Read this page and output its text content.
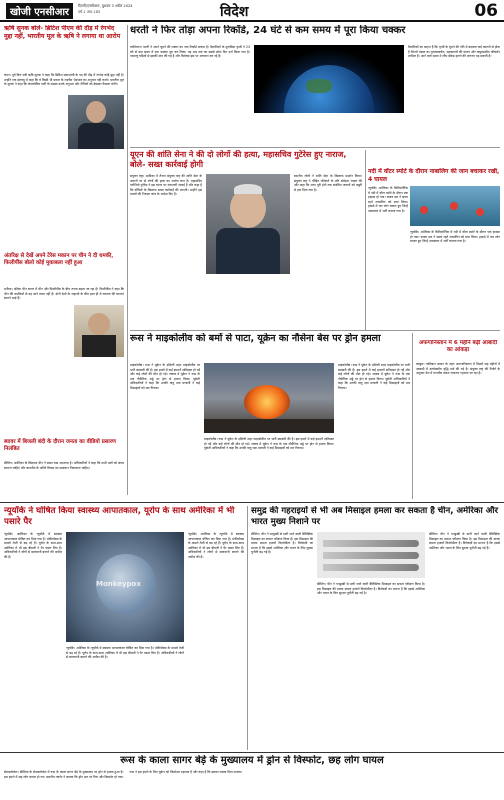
खोजी एनसीआर
दिल्ली/एनसीआर, बुधवार 3 अप्रैल 2024
वर्ष-1 अंक-185	विदेश	06
ऋषि सुनक बोले- ब्रिटिश पीएम की दौड़ में रंगभेद मुद्दा नहीं, भारतीय मूल के ऋषि ने लगाया था आरोप
लंदन। पूर्व वित्त मंत्री ऋषि सुनक ने कहा कि ब्रिटिश प्रधानमंत्री के पद की दौड़ में रंगभेद कोई मुद्दा नहीं है। उन्होंने एक इंटरव्यू में कहा कि वे किसी भी प्रकार के नस्लीय भेदभाव का अनुभव नहीं करते। भारतीय मूल के सुनक ने कहा कि कंजरवेटिव पार्टी के सदस्य उनके अनुभव और नीतियों को देखकर फैसला करेंगे।
अंतरिक्ष से देखें अपने टेरेस मकान पर चीन ने दी धमकी, फिलीपींस बोलो कोई मुकाबला नहीं हुआ
मनीला। दक्षिण चीन सागर में चीन और फिलीपींस के बीच तनाव बढ़ता जा रहा है। फिलीपींस ने कहा कि चीन की धमकियों से वह डरने वाला नहीं है। दोनों देशों के जहाजों के बीच हाल ही में टकराव की घटनाएं सामने आई हैं।
ब्यावर में बिजली बंदी के दौरान जनता का वीडियो प्रसारण निलंबित
बीजिंग। अमेरिका के खिलाफ चीन ने सख्त रुख अपनाया है। अधिकारियों ने कहा कि सभी पक्षों को संयम बरतना चाहिए और बातचीत के जरिये विवाद का समाधान निकालना चाहिए।
धरती ने फिर तोड़ा अपना रिकॉर्ड, 24 घंटे से कम समय में पूरा किया चक्कर
वाशिंगटन। धरती ने अपने घूमने की रफ्तार का नया रिकॉर्ड बनाया है। वैज्ञानिकों के मुताबिक पृथ्वी ने 24 घंटे से कम समय में एक चक्कर पूरा कर लिया। यह अब तक का सबसे छोटा दिन दर्ज किया गया है। परमाणु घड़ियों से इसकी माप की गई है और विशेषज्ञ इस पर अध्ययन कर रहे हैं।
वैज्ञानिकों का कहना है कि पृथ्वी के घूमने की गति में बदलाव कई कारणों से होता है जिनमें चंद्रमा का गुरुत्वाकर्षण, महासागरों की धाराएं और वायुमंडलीय परिवर्तन शामिल हैं। आने वाले समय में लीप सेकंड हटाने की जरूरत पड़ सकती है।
यूएन की शांति सेना ने की दो लोगों की हत्या, महासचिव गुटेरेस हुए नाराज, बोले- सख्त कार्रवाई होगी
संयुक्त राष्ट्र। अफ्रीका में तैनात संयुक्त राष्ट्र की शांति सेना के जवानों पर दो लोगों की हत्या का आरोप लगा है। महासचिव एंटोनियो गुटेरेस ने इस घटना पर नाराजगी जताई है और कहा है कि दोषियों के खिलाफ सख्त कार्रवाई की जाएगी। उन्होंने इस मामले की निष्पक्ष जांच के आदेश दिए हैं।
स्थानीय लोगों ने शांति सेना के खिलाफ प्रदर्शन किया। संयुक्त राष्ट्र ने पीड़ित परिवारों के प्रति संवेदना व्यक्त की और कहा कि जांच पूरी होने तक संबंधित जवानों को ड्यूटी से हटा दिया गया है।
नदी में वॉटर स्पोर्ट के दौरान नाबालिग की जान बचाकर रखी, 4 घायल
न्यूयॉर्क। अमेरिका के कैलिफोर्निया में नदी में वॉटर स्पोर्ट के दौरान एक हादसा हो गया। बचाव दल ने समय रहते नाबालिग को बचा लिया। हादसे में चार लोग घायल हुए जिन्हें अस्पताल में भर्ती कराया गया है।
न्यूयॉर्क। अमेरिका के कैलिफोर्निया में नदी में वॉटर स्पोर्ट के दौरान एक हादसा हो गया। बचाव दल ने समय रहते नाबालिग को बचा लिया। हादसे में चार लोग घायल हुए जिन्हें अस्पताल में भर्ती कराया गया है।
रूस ने माइकोलीव को बमों से पाटा, यूक्रेन का नौसेना बेस पर ड्रोन हमला
माइकोलीव। रूस ने यूक्रेन के दक्षिणी शहर माइकोलीव पर भारी बमबारी की है। इस हमले में कई इमारतें क्षतिग्रस्त हो गईं और कई लोगों की मौत हो गई। जवाब में यूक्रेन ने रूस के एक नौसैनिक अड्डे पर ड्रोन से हमला किया। यूक्रेनी अधिकारियों ने कहा कि उनकी वायु रक्षा प्रणाली ने कई मिसाइलों को मार गिराया।
माइकोलीव। रूस ने यूक्रेन के दक्षिणी शहर माइकोलीव पर भारी बमबारी की है। इस हमले में कई इमारतें क्षतिग्रस्त हो गईं और कई लोगों की मौत हो गई। जवाब में यूक्रेन ने रूस के एक नौसैनिक अड्डे पर ड्रोन से हमला किया। यूक्रेनी अधिकारियों ने कहा कि उनकी वायु रक्षा प्रणाली ने कई मिसाइलों को मार गिराया।
माइकोलीव। रूस ने यूक्रेन के दक्षिणी शहर माइकोलीव पर भारी बमबारी की है। इस हमले में कई इमारतें क्षतिग्रस्त हो गईं और कई लोगों की मौत हो गई। जवाब में यूक्रेन ने रूस के एक नौसैनिक अड्डे पर ड्रोन से हमला किया। यूक्रेनी अधिकारियों ने कहा कि उनकी वायु रक्षा प्रणाली ने कई मिसाइलों को मार गिराया।
अफगानिस्तान में 6 महीने बढ़ी आबादी का आंकड़ा
काबुल। तालिबान शासन के तहत अफगानिस्तान में पिछले छह महीनों में आबादी में उल्लेखनीय वृद्धि दर्ज की गई है। संयुक्त राष्ट्र की रिपोर्ट के अनुसार देश में मानवीय संकट लगातार गहराता जा रहा है।
न्यूयॉर्क ने घोषित किया स्वास्थ्य आपातकाल, यूरोप के साथ अमेरिका में भी पसारे पैर
न्यूयॉर्क। अमेरिका के न्यूयॉर्क में स्वास्थ्य आपातकाल घोषित कर दिया गया है। मंकीपॉक्स के मामले तेजी से बढ़ रहे हैं। यूरोप के साथ-साथ अमेरिका में भी इस बीमारी ने पैर पसार लिए हैं। अधिकारियों ने लोगों से सावधानी बरतने की अपील की है।
Monkeypox
न्यूयॉर्क। अमेरिका के न्यूयॉर्क में स्वास्थ्य आपातकाल घोषित कर दिया गया है। मंकीपॉक्स के मामले तेजी से बढ़ रहे हैं। यूरोप के साथ-साथ अमेरिका में भी इस बीमारी ने पैर पसार लिए हैं। अधिकारियों ने लोगों से सावधानी बरतने की अपील की है।
न्यूयॉर्क। अमेरिका के न्यूयॉर्क में स्वास्थ्य आपातकाल घोषित कर दिया गया है। मंकीपॉक्स के मामले तेजी से बढ़ रहे हैं। यूरोप के साथ-साथ अमेरिका में भी इस बीमारी ने पैर पसार लिए हैं। अधिकारियों ने लोगों से सावधानी बरतने की अपील की है।
समुद्र की गहराइयों से भी अब मिसाइल हमला कर सकता है चीन, अमेरिका और भारत मुख्य निशाने पर
बीजिंग। चीन ने पनडुब्बी से दागी जाने वाली बैलिस्टिक मिसाइल का सफल परीक्षण किया है। इस मिसाइल की मारक क्षमता हजारों किलोमीटर है। विशेषज्ञों का मानना है कि इससे अमेरिका और भारत के लिए सुरक्षा चुनौती बढ़ गई है।
बीजिंग। चीन ने पनडुब्बी से दागी जाने वाली बैलिस्टिक मिसाइल का सफल परीक्षण किया है। इस मिसाइल की मारक क्षमता हजारों किलोमीटर है। विशेषज्ञों का मानना है कि इससे अमेरिका और भारत के लिए सुरक्षा चुनौती बढ़ गई है।
बीजिंग। चीन ने पनडुब्बी से दागी जाने वाली बैलिस्टिक मिसाइल का सफल परीक्षण किया है। इस मिसाइल की मारक क्षमता हजारों किलोमीटर है। विशेषज्ञों का मानना है कि इससे अमेरिका और भारत के लिए सुरक्षा चुनौती बढ़ गई है।
रूस के काला सागर बेड़े के मुख्यालय में ड्रोन से विस्फोट, छह लोग घायल
सेवास्तोपोल। क्रीमिया के सेवास्तोपोल में रूस के काला सागर बेड़े के मुख्यालय पर ड्रोन से हमला हुआ है। इस हमले में छह लोग घायल हो गए। स्थानीय गवर्नर ने बताया कि ड्रोन छत पर गिरा और विस्फोट हो गया। रूस ने इस हमले के लिए यूक्रेन को जिम्मेदार ठहराया है और कहा है कि इसका जवाब दिया जाएगा।
